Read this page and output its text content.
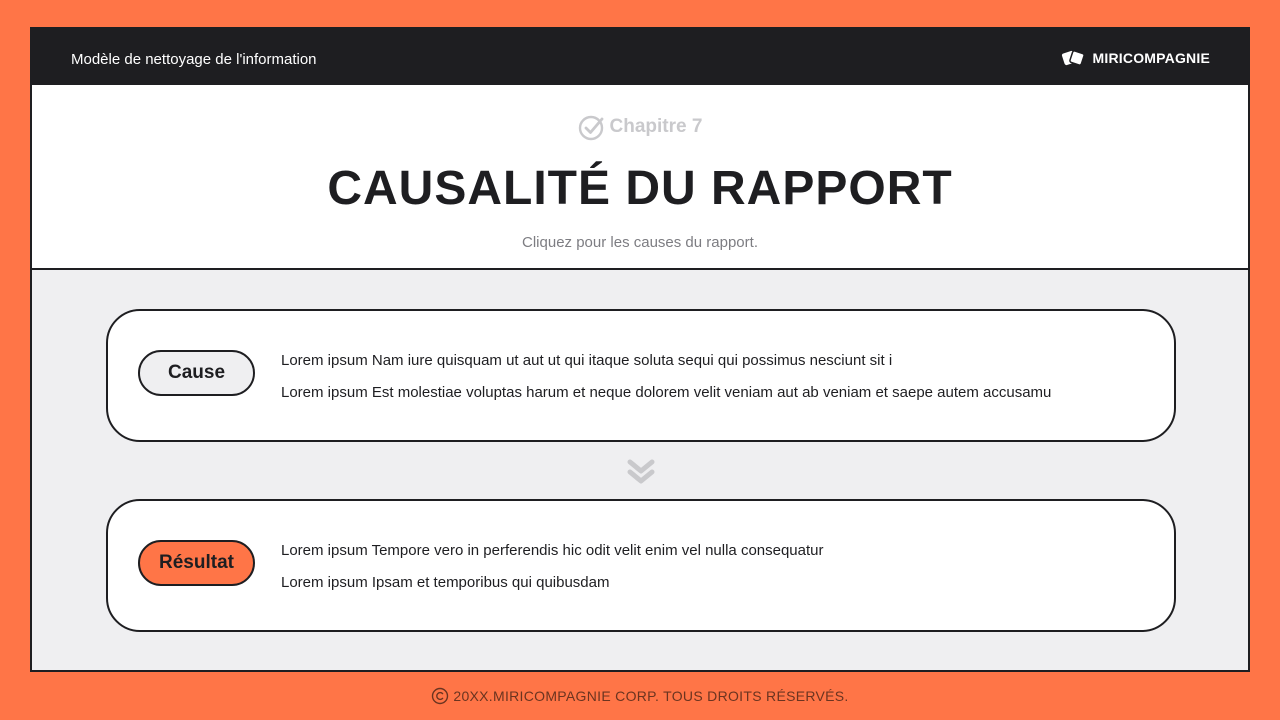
Modèle de nettoyage de l'information	MIRICOMPAGNIE
Chapitre 7
CAUSALITÉ DU RAPPORT

Cliquez pour les causes du rapport.

Cause

Lorem ipsum Nam iure quisquam ut aut ut qui itaque soluta sequi qui possimus nesciunt sit i

Lorem ipsum Est molestiae voluptas harum et neque dolorem velit veniam aut ab veniam et saepe autem accusamu

Résultat

Lorem ipsum Tempore vero in perferendis hic odit velit enim vel nulla consequatur

Lorem ipsum Ipsam et temporibus qui quibusdam

20XX.MIRICOMPAGNIE CORP. TOUS DROITS RÉSERVÉS.
